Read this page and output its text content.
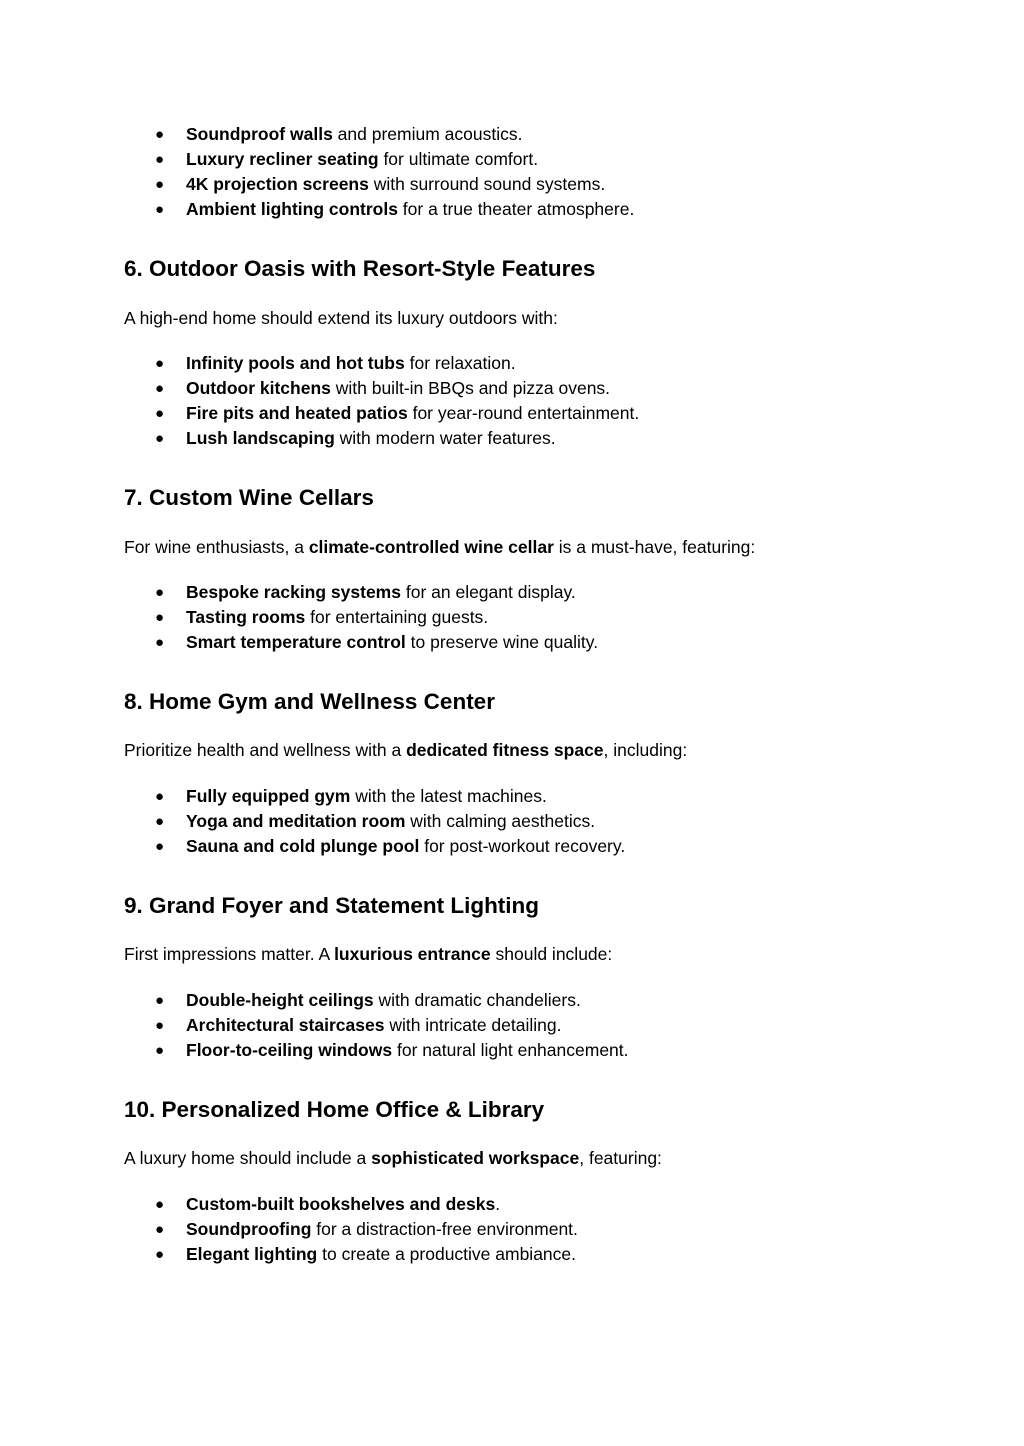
● Soundproof walls and premium acoustics.
● Luxury recliner seating for ultimate comfort.
● 4K projection screens with surround sound systems.
● Ambient lighting controls for a true theater atmosphere.
6. Outdoor Oasis with Resort-Style Features
A high-end home should extend its luxury outdoors with:
● Infinity pools and hot tubs for relaxation.
● Outdoor kitchens with built-in BBQs and pizza ovens.
● Fire pits and heated patios for year-round entertainment.
● Lush landscaping with modern water features.
7. Custom Wine Cellars
For wine enthusiasts, a climate-controlled wine cellar is a must-have, featuring:
● Bespoke racking systems for an elegant display.
● Tasting rooms for entertaining guests.
● Smart temperature control to preserve wine quality.
8. Home Gym and Wellness Center
Prioritize health and wellness with a dedicated fitness space, including:
● Fully equipped gym with the latest machines.
● Yoga and meditation room with calming aesthetics.
● Sauna and cold plunge pool for post-workout recovery.
9. Grand Foyer and Statement Lighting
First impressions matter. A luxurious entrance should include:
● Double-height ceilings with dramatic chandeliers.
● Architectural staircases with intricate detailing.
● Floor-to-ceiling windows for natural light enhancement.
10. Personalized Home Office & Library
A luxury home should include a sophisticated workspace, featuring:
● Custom-built bookshelves and desks.
● Soundproofing for a distraction-free environment.
● Elegant lighting to create a productive ambiance.
